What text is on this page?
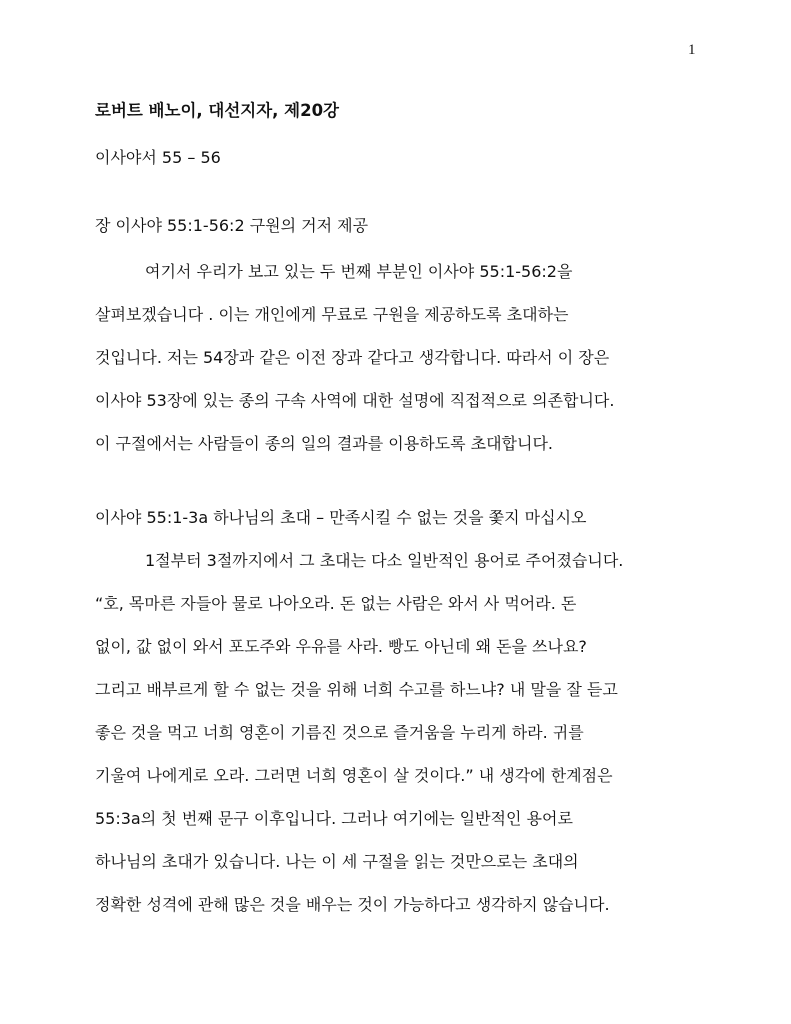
1
로버트 배노이, 대선지자, 제20강
이사야서 55 – 56
장 이사야 55:1-56:2 구원의 거저 제공
여기서 우리가 보고 있는 두 번째 부분인 이사야 55:1-56:2을
살펴보겠습니다 . 이는 개인에게 무료로 구원을 제공하도록 초대하는
것입니다. 저는 54장과 같은 이전 장과 같다고 생각합니다. 따라서 이 장은
이사야 53장에 있는 종의 구속 사역에 대한 설명에 직접적으로 의존합니다.
이 구절에서는 사람들이 종의 일의 결과를 이용하도록 초대합니다.
이사야 55:1-3a 하나님의 초대 – 만족시킬 수 없는 것을 쫓지 마십시오
1절부터 3절까지에서 그 초대는 다소 일반적인 용어로 주어졌습니다.
“호, 목마른 자들아 물로 나아오라. 돈 없는 사람은 와서 사 먹어라. 돈
없이, 값 없이 와서 포도주와 우유를 사라. 빵도 아닌데 왜 돈을 쓰나요?
그리고 배부르게 할 수 없는 것을 위해 너희 수고를 하느냐? 내 말을 잘 듣고
좋은 것을 먹고 너희 영혼이 기름진 것으로 즐거움을 누리게 하라. 귀를
기울여 나에게로 오라. 그러면 너희 영혼이 살 것이다.” 내 생각에 한계점은
55:3a의 첫 번째 문구 이후입니다. 그러나 여기에는 일반적인 용어로
하나님의 초대가 있습니다. 나는 이 세 구절을 읽는 것만으로는 초대의
정확한 성격에 관해 많은 것을 배우는 것이 가능하다고 생각하지 않습니다.
